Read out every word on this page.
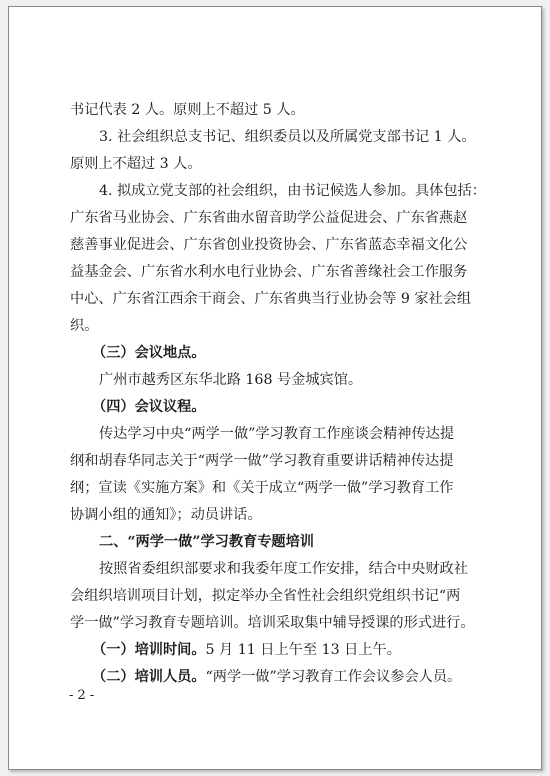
书记代表 2 人。原则上不超过 5 人。
3. 社会组织总支书记、组织委员以及所属党支部书记 1 人。
原则上不超过 3 人。
4. 拟成立党支部的社会组织，由书记候选人参加。具体包括：
广东省马业协会、广东省曲水留音助学公益促进会、广东省燕赵
慈善事业促进会、广东省创业投资协会、广东省蓝态幸福文化公
益基金会、广东省水利水电行业协会、广东省善缘社会工作服务
中心、广东省江西余干商会、广东省典当行业协会等 9 家社会组
织。
（三）会议地点。
广州市越秀区东华北路 168 号金城宾馆。
（四）会议议程。
传达学习中央“两学一做”学习教育工作座谈会精神传达提
纲和胡春华同志关于“两学一做”学习教育重要讲话精神传达提
纲；宣读《实施方案》和《关于成立“两学一做”学习教育工作
协调小组的通知》；动员讲话。
二、“两学一做”学习教育专题培训
按照省委组织部要求和我委年度工作安排，结合中央财政社
会组织培训项目计划，拟定举办全省性社会组织党组织书记“两
学一做”学习教育专题培训。培训采取集中辅导授课的形式进行。
（一）培训时间。5 月 11 日上午至 13 日上午。
（二）培训人员。“两学一做”学习教育工作会议参会人员。
- 2 -
